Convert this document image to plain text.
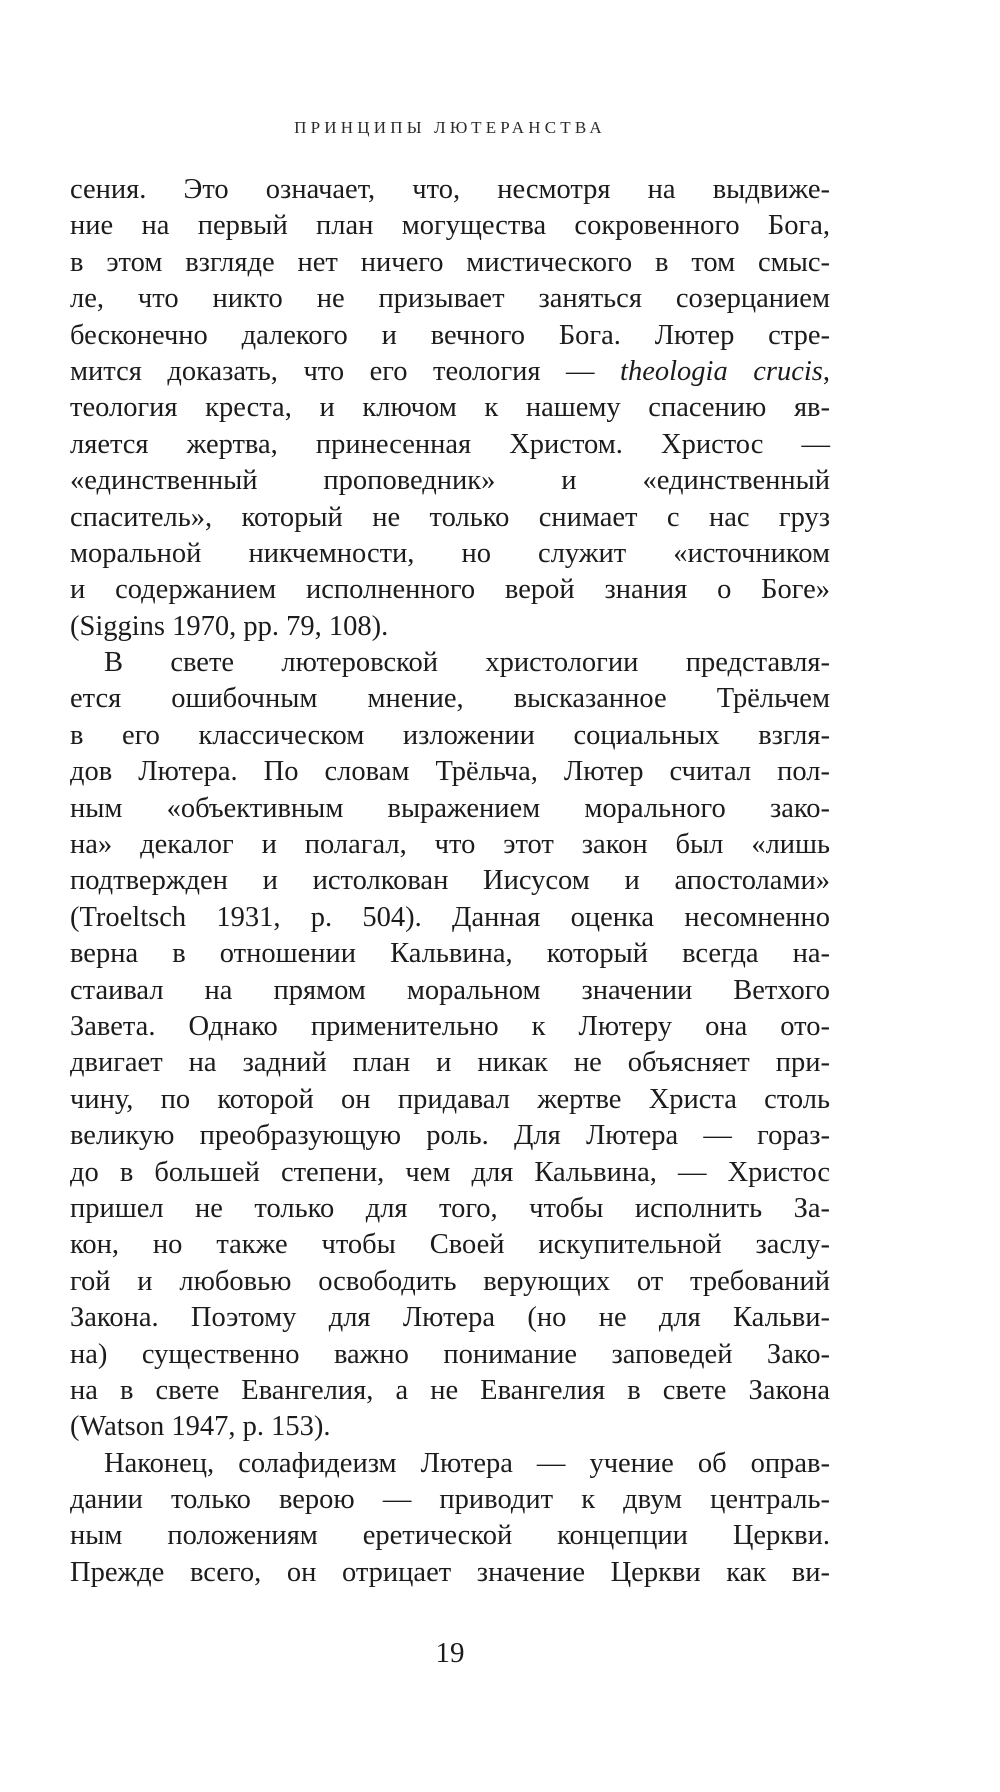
ПРИНЦИПЫ ЛЮТЕРАНСТВА
сения. Это означает, что, несмотря на выдвиже-
ние на первый план могущества сокровенного Бога,
в этом взгляде нет ничего мистического в том смыс-
ле, что никто не призывает заняться созерцанием
бесконечно далекого и вечного Бога. Лютер стре-
мится доказать, что его теология — theologia crucis,
теология креста, и ключом к нашему спасению яв-
ляется жертва, принесенная Христом. Христос —
«единственный проповедник» и «единственный
спаситель», который не только снимает с нас груз
моральной никчемности, но служит «источником
и содержанием исполненного верой знания о Боге»
(Siggins 1970, pp. 79, 108).
В свете лютеровской христологии представля-
ется ошибочным мнение, высказанное Трёльчем
в его классическом изложении социальных взгля-
дов Лютера. По словам Трёльча, Лютер считал пол-
ным «объективным выражением морального зако-
на» декалог и полагал, что этот закон был «лишь
подтвержден и истолкован Иисусом и апостолами»
(Troeltsch 1931, p. 504). Данная оценка несомненно
верна в отношении Кальвина, который всегда на-
стаивал на прямом моральном значении Ветхого
Завета. Однако применительно к Лютеру она ото-
двигает на задний план и никак не объясняет при-
чину, по которой он придавал жертве Христа столь
великую преобразующую роль. Для Лютера — гораз-
до в большей степени, чем для Кальвина, — Христос
пришел не только для того, чтобы исполнить За-
кон, но также чтобы Своей искупительной заслу-
гой и любовью освободить верующих от требований
Закона. Поэтому для Лютера (но не для Кальви-
на) существенно важно понимание заповедей Зако-
на в свете Евангелия, а не Евангелия в свете Закона
(Watson 1947, p. 153).
Наконец, солафидеизм Лютера — учение об оправ-
дании только верою — приводит к двум централь-
ным положениям еретической концепции Церкви.
Прежде всего, он отрицает значение Церкви как ви-
19
